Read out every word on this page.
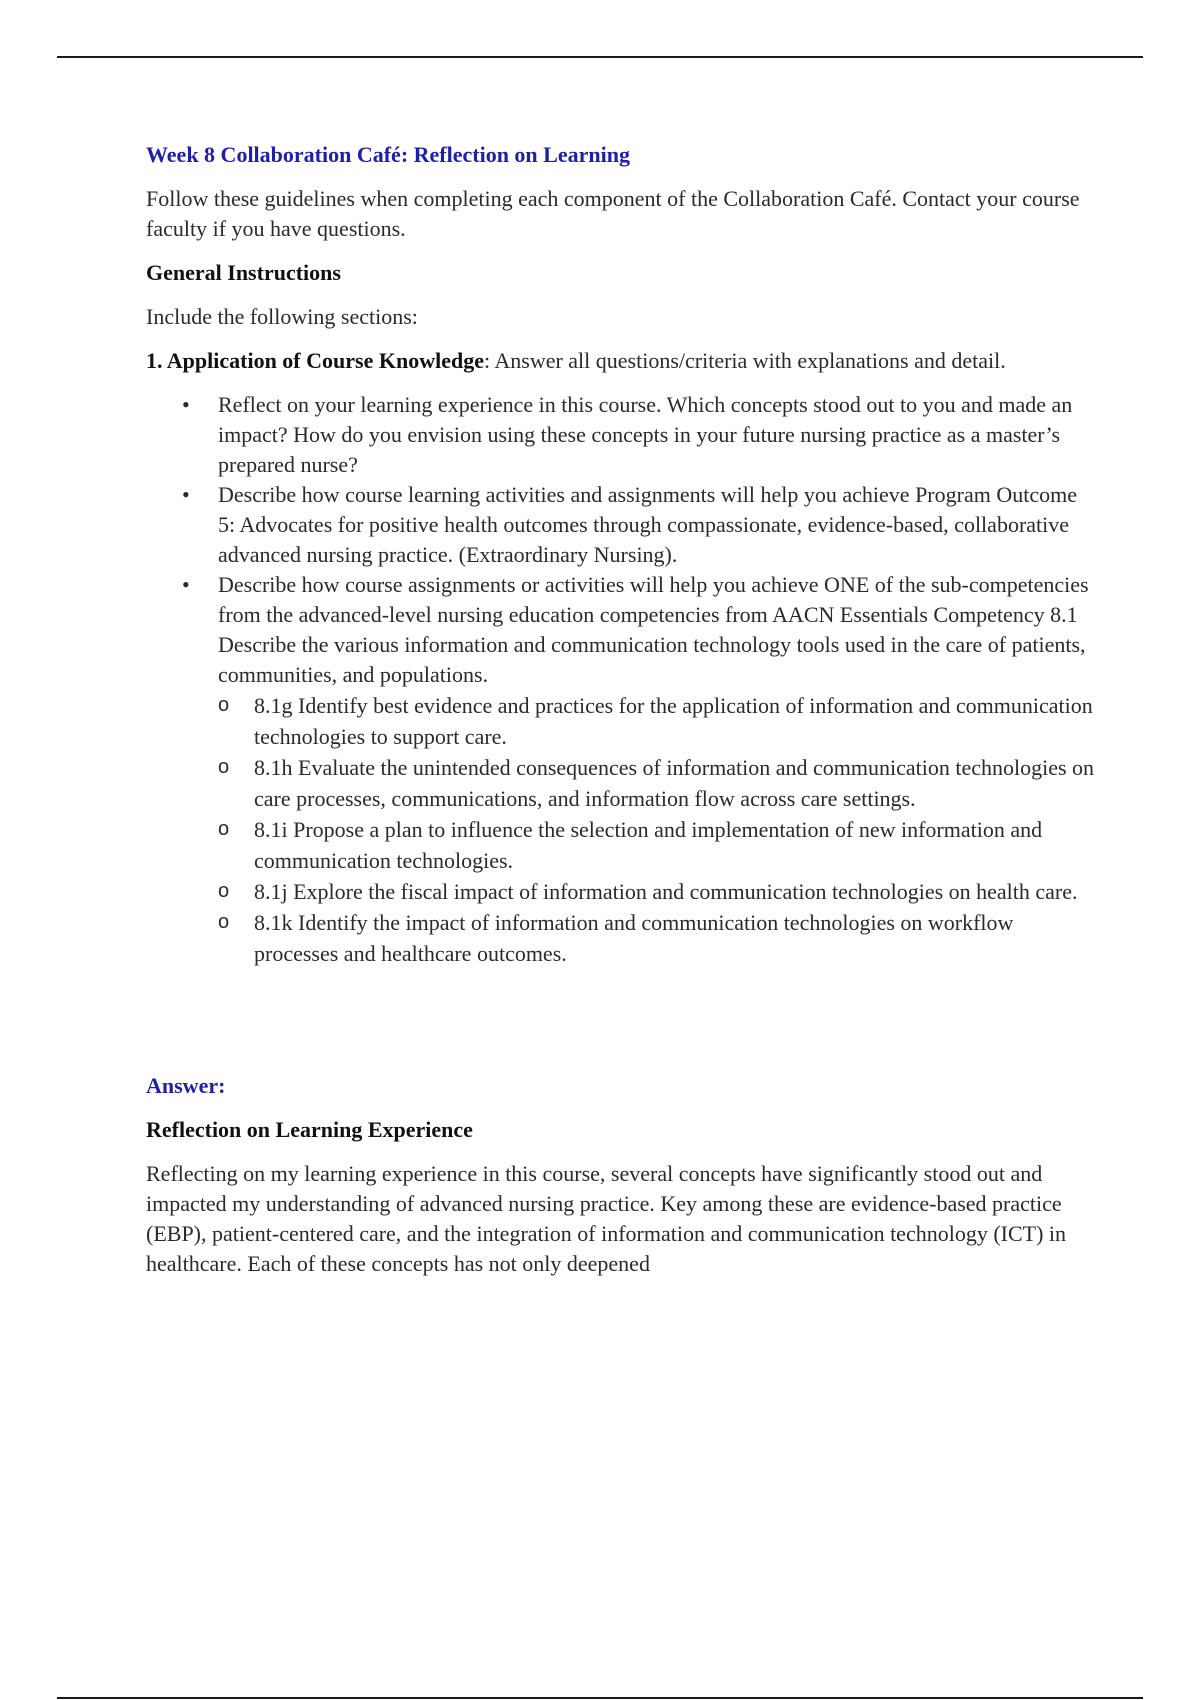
Week 8 Collaboration Café: Reflection on Learning

Follow these guidelines when completing each component of the Collaboration Café. Contact your course faculty if you have questions.

General Instructions

Include the following sections:

1. Application of Course Knowledge: Answer all questions/criteria with explanations and detail.

• Reflect on your learning experience in this course. Which concepts stood out to you and made an impact? How do you envision using these concepts in your future nursing practice as a master’s prepared nurse?
• Describe how course learning activities and assignments will help you achieve Program Outcome 5: Advocates for positive health outcomes through compassionate, evidence-based, collaborative advanced nursing practice. (Extraordinary Nursing).
• Describe how course assignments or activities will help you achieve ONE of the sub-competencies from the advanced-level nursing education competencies from AACN Essentials Competency 8.1 Describe the various information and communication technology tools used in the care of patients, communities, and populations.
o 8.1g Identify best evidence and practices for the application of information and communication technologies to support care.
o 8.1h Evaluate the unintended consequences of information and communication technologies on care processes, communications, and information flow across care settings.
o 8.1i Propose a plan to influence the selection and implementation of new information and communication technologies.
o 8.1j Explore the fiscal impact of information and communication technologies on health care.
o 8.1k Identify the impact of information and communication technologies on workflow processes and healthcare outcomes.
Answer:
Reflection on Learning Experience

Reflecting on my learning experience in this course, several concepts have significantly stood out and impacted my understanding of advanced nursing practice. Key among these are evidence-based practice (EBP), patient-centered care, and the integration of information and communication technology (ICT) in healthcare. Each of these concepts has not only deepened
